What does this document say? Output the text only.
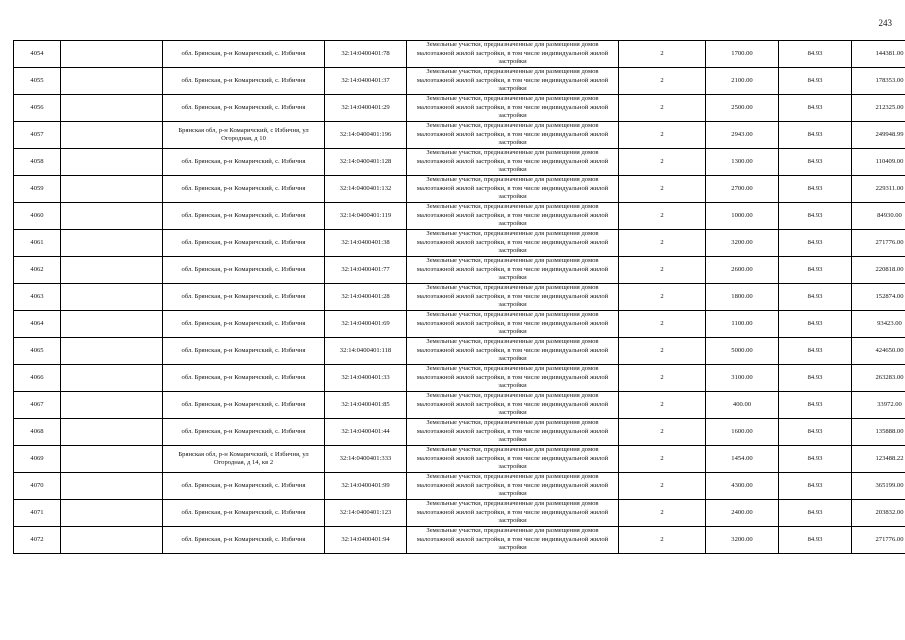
243
4054		обл. Брянская, р-н Комаричский, с. Избичня	32:14:0400401:78	Земельные участки, предназначенные для размещения домов малоэтажной жилой застройки, в том числе индивидуальной жилой застройки	2	1700.00	84.93	144381.00
4055		обл. Брянская, р-н Комаричский, с. Избичня	32:14:0400401:37	Земельные участки, предназначенные для размещения домов малоэтажной жилой застройки, в том числе индивидуальной жилой застройки	2	2100.00	84.93	178353.00
4056		обл. Брянская, р-н Комаричский, с. Избичня	32:14:0400401:29	Земельные участки, предназначенные для размещения домов малоэтажной жилой застройки, в том числе индивидуальной жилой застройки	2	2500.00	84.93	212325.00
4057		Брянская обл, р-н Комаричский, с Избичня, ул Огородная, д 10	32:14:0400401:196	Земельные участки, предназначенные для размещения домов малоэтажной жилой застройки, в том числе индивидуальной жилой застройки	2	2943.00	84.93	249948.99
4058		обл. Брянская, р-н Комаричский, с. Избичня	32:14:0400401:128	Земельные участки, предназначенные для размещения домов малоэтажной жилой застройки, в том числе индивидуальной жилой застройки	2	1300.00	84.93	110409.00
4059		обл. Брянская, р-н Комаричский, с. Избичня	32:14:0400401:132	Земельные участки, предназначенные для размещения домов малоэтажной жилой застройки, в том числе индивидуальной жилой застройки	2	2700.00	84.93	229311.00
4060		обл. Брянская, р-н Комаричский, с. Избичня	32:14:0400401:119	Земельные участки, предназначенные для размещения домов малоэтажной жилой застройки, в том числе индивидуальной жилой застройки	2	1000.00	84.93	84930.00
4061		обл. Брянская, р-н Комаричский, с. Избичня	32:14:0400401:38	Земельные участки, предназначенные для размещения домов малоэтажной жилой застройки, в том числе индивидуальной жилой застройки	2	3200.00	84.93	271776.00
4062		обл. Брянская, р-н Комаричский, с. Избичня	32:14:0400401:77	Земельные участки, предназначенные для размещения домов малоэтажной жилой застройки, в том числе индивидуальной жилой застройки	2	2600.00	84.93	220818.00
4063		обл. Брянская, р-н Комаричский, с. Избичня	32:14:0400401:28	Земельные участки, предназначенные для размещения домов малоэтажной жилой застройки, в том числе индивидуальной жилой застройки	2	1800.00	84.93	152874.00
4064		обл. Брянская, р-н Комаричский, с. Избичня	32:14:0400401:69	Земельные участки, предназначенные для размещения домов малоэтажной жилой застройки, в том числе индивидуальной жилой застройки	2	1100.00	84.93	93423.00
4065		обл. Брянская, р-н Комаричский, с. Избичня	32:14:0400401:118	Земельные участки, предназначенные для размещения домов малоэтажной жилой застройки, в том числе индивидуальной жилой застройки	2	5000.00	84.93	424650.00
4066		обл. Брянская, р-н Комаричский, с. Избичня	32:14:0400401:33	Земельные участки, предназначенные для размещения домов малоэтажной жилой застройки, в том числе индивидуальной жилой застройки	2	3100.00	84.93	263283.00
4067		обл. Брянская, р-н Комаричский, с. Избичня	32:14:0400401:85	Земельные участки, предназначенные для размещения домов малоэтажной жилой застройки, в том числе индивидуальной жилой застройки	2	400.00	84.93	33972.00
4068		обл. Брянская, р-н Комаричский, с. Избичня	32:14:0400401:44	Земельные участки, предназначенные для размещения домов малоэтажной жилой застройки, в том числе индивидуальной жилой застройки	2	1600.00	84.93	135888.00
4069		Брянская обл, р-н Комаричский, с Избичня, ул Огородная, д 14, кв 2	32:14:0400401:333	Земельные участки, предназначенные для размещения домов малоэтажной жилой застройки, в том числе индивидуальной жилой застройки	2	1454.00	84.93	123488.22
4070		обл. Брянская, р-н Комаричский, с. Избичня	32:14:0400401:99	Земельные участки, предназначенные для размещения домов малоэтажной жилой застройки, в том числе индивидуальной жилой застройки	2	4300.00	84.93	365199.00
4071		обл. Брянская, р-н Комаричский, с. Избичня	32:14:0400401:123	Земельные участки, предназначенные для размещения домов малоэтажной жилой застройки, в том числе индивидуальной жилой застройки	2	2400.00	84.93	203832.00
4072		обл. Брянская, р-н Комаричский, с. Избичня	32:14:0400401:94	Земельные участки, предназначенные для размещения домов малоэтажной жилой застройки, в том числе индивидуальной жилой застройки	2	3200.00	84.93	271776.00
